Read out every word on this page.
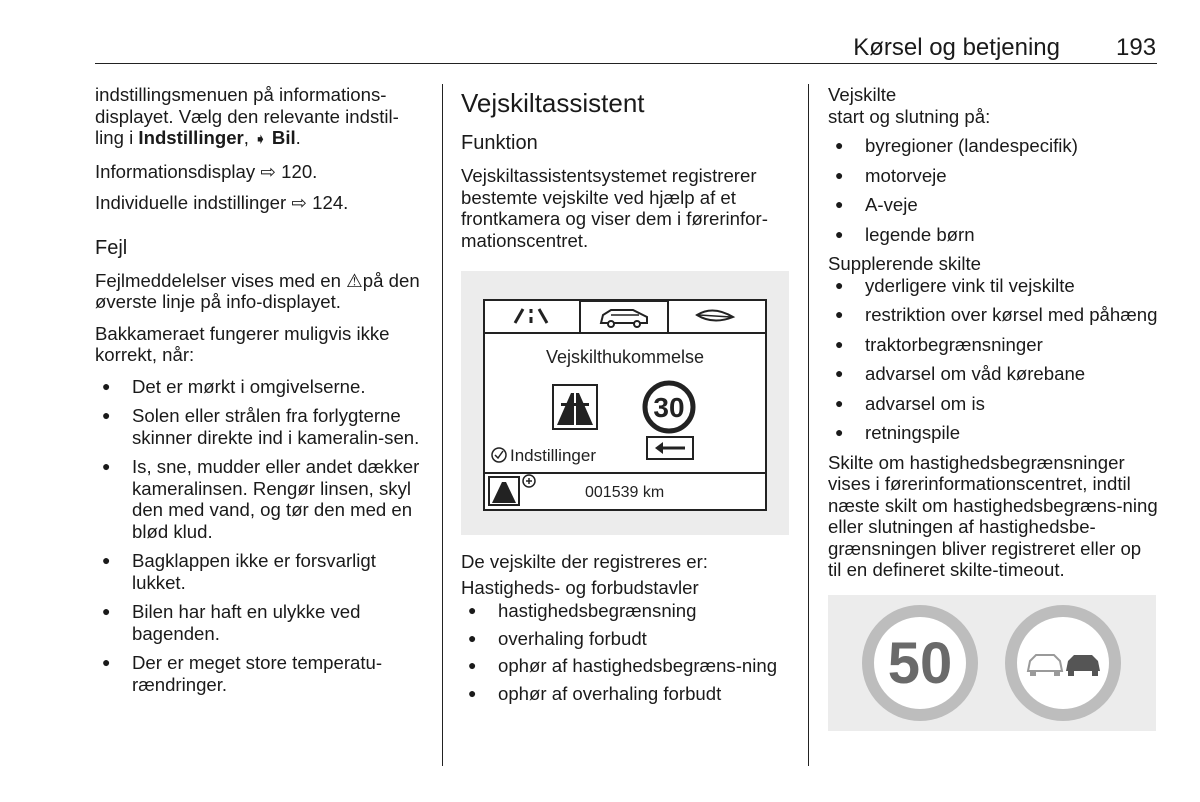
Kørsel og betjening 193

indstillingsmenuen på informations-
displayet. Vælg den relevante indstil-
ling i Indstillinger, ➧ Bil.

Informationsdisplay ⇨ 120.

Individuelle indstillinger ⇨ 124.

Fejl

Fejlmeddelelser vises med en ⚠på den øverste linje på info-displayet.

Bakkameraet fungerer muligvis ikke korrekt, når:

● Det er mørkt i omgivelserne.
● Solen eller strålen fra forlygterne skinner direkte ind i kameralin-sen.
● Is, sne, mudder eller andet dækker kameralinsen. Rengør linsen, skyl den med vand, og tør den med en blød klud.
● Bagklappen ikke er forsvarligt lukket.
● Bilen har haft en ulykke ved bagenden.
● Der er meget store temperatu-rændringer.
Vejskiltassistent
Funktion

Vejskiltassistentsystemet registrerer bestemte vejskilte ved hjælp af et frontkamera og viser dem i førerinfor-mationscentret.

Vejskilthukommelse
30
Indstillinger
001539 km

De vejskilte der registreres er:

Hastigheds- og forbudstavler
● hastighedsbegrænsning
● overhaling forbudt
● ophør af hastighedsbegræns-ning
● ophør af overhaling forbudt
Vejskilte

start og slutning på:

● byregioner (landespecifik)
● motorveje
● A-veje
● legende børn
Supplerende skilte
● yderligere vink til vejskilte
● restriktion over kørsel med påhæng
● traktorbegrænsninger
● advarsel om våd kørebane
● advarsel om is
● retningspile

Skilte om hastighedsbegrænsninger vises i førerinformationscentret, indtil næste skilt om hastighedsbegræns-ning eller slutningen af hastighedsbe-grænsningen bliver registreret eller op til en defineret skilte-timeout.

50
